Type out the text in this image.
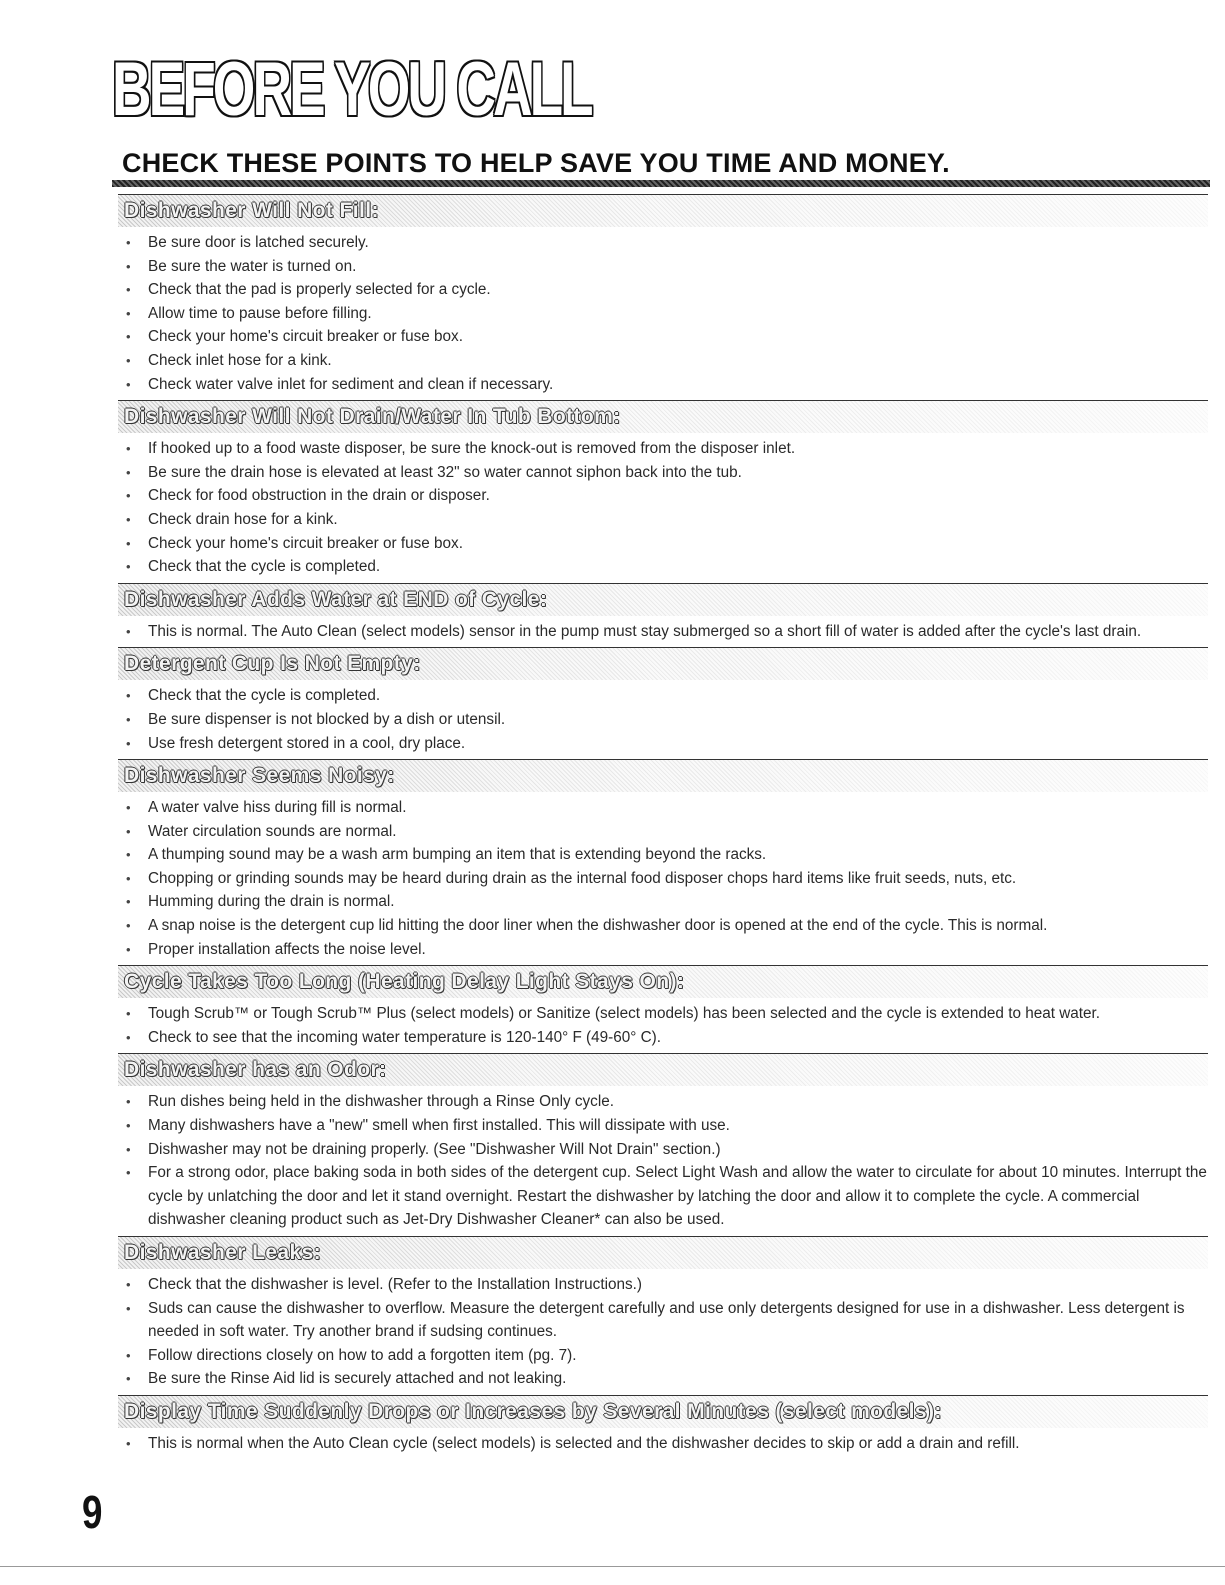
BEFORE YOU CALL
CHECK THESE POINTS TO HELP SAVE YOU TIME AND MONEY.
Dishwasher Will Not Fill:
• Be sure door is latched securely.
• Be sure the water is turned on.
• Check that the pad is properly selected for a cycle.
• Allow time to pause before filling.
• Check your home's circuit breaker or fuse box.
• Check inlet hose for a kink.
• Check water valve inlet for sediment and clean if necessary.
Dishwasher Will Not Drain/Water In Tub Bottom:
• If hooked up to a food waste disposer, be sure the knock-out is removed from the disposer inlet.
• Be sure the drain hose is elevated at least 32" so water cannot siphon back into the tub.
• Check for food obstruction in the drain or disposer.
• Check drain hose for a kink.
• Check your home's circuit breaker or fuse box.
• Check that the cycle is completed.
Dishwasher Adds Water at END of Cycle:
• This is normal. The Auto Clean (select models) sensor in the pump must stay submerged so a short fill of water is added after the cycle's last drain.
Detergent Cup Is Not Empty:
• Check that the cycle is completed.
• Be sure dispenser is not blocked by a dish or utensil.
• Use fresh detergent stored in a cool, dry place.
Dishwasher Seems Noisy:
• A water valve hiss during fill is normal.
• Water circulation sounds are normal.
• A thumping sound may be a wash arm bumping an item that is extending beyond the racks.
• Chopping or grinding sounds may be heard during drain as the internal food disposer chops hard items like fruit seeds, nuts, etc.
• Humming during the drain is normal.
• A snap noise is the detergent cup lid hitting the door liner when the dishwasher door is opened at the end of the cycle. This is normal.
• Proper installation affects the noise level.
Cycle Takes Too Long (Heating Delay Light Stays On):
• Tough Scrub™ or Tough Scrub™ Plus (select models) or Sanitize (select models) has been selected and the cycle is extended to heat water.
• Check to see that the incoming water temperature is 120-140° F (49-60° C).
Dishwasher has an Odor:
• Run dishes being held in the dishwasher through a Rinse Only cycle.
• Many dishwashers have a "new" smell when first installed. This will dissipate with use.
• Dishwasher may not be draining properly. (See "Dishwasher Will Not Drain" section.)
• For a strong odor, place baking soda in both sides of the detergent cup. Select Light Wash and allow the water to circulate for about 10 minutes. Interrupt the cycle by unlatching the door and let it stand overnight. Restart the dishwasher by latching the door and allow it to complete the cycle. A commercial dishwasher cleaning product such as Jet-Dry Dishwasher Cleaner* can also be used.
Dishwasher Leaks:
• Check that the dishwasher is level. (Refer to the Installation Instructions.)
• Suds can cause the dishwasher to overflow. Measure the detergent carefully and use only detergents designed for use in a dishwasher. Less detergent is needed in soft water. Try another brand if sudsing continues.
• Follow directions closely on how to add a forgotten item (pg. 7).
• Be sure the Rinse Aid lid is securely attached and not leaking.
Display Time Suddenly Drops or Increases by Several Minutes (select models):
• This is normal when the Auto Clean cycle (select models) is selected and the dishwasher decides to skip or add a drain and refill.
9
